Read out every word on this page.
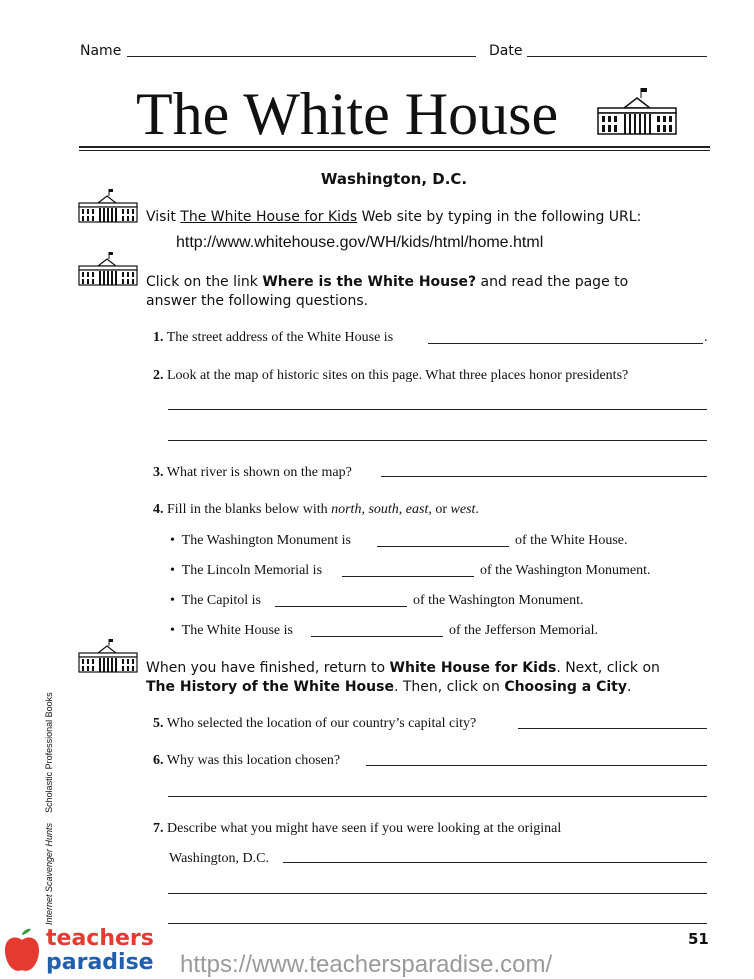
Name	Date
The White House
Washington, D.C.
Visit The White House for Kids Web site by typing in the following URL:
http://www.whitehouse.gov/WH/kids/html/home.html
Click on the link Where is the White House? and read the page to
answer the following questions.
1. The street address of the White House is	.
2. Look at the map of historic sites on this page. What three places honor presidents?
3. What river is shown on the map?
4. Fill in the blanks below with north, south, east, or west.
•  The Washington Monument is	of the White House.
•  The Lincoln Memorial is	of the Washington Monument.
•  The Capitol is	of the Washington Monument.
•  The White House is	of the Jefferson Memorial.
When you have finished, return to White House for Kids. Next, click on
The History of the White House. Then, click on Choosing a City.
5. Who selected the location of our country’s capital city?
6. Why was this location chosen?
7. Describe what you might have seen if you were looking at the original
Washington, D.C.
Internet Scavenger Hunts    Scholastic Professional Books
51
teachers
paradise https://www.teachersparadise.com/
